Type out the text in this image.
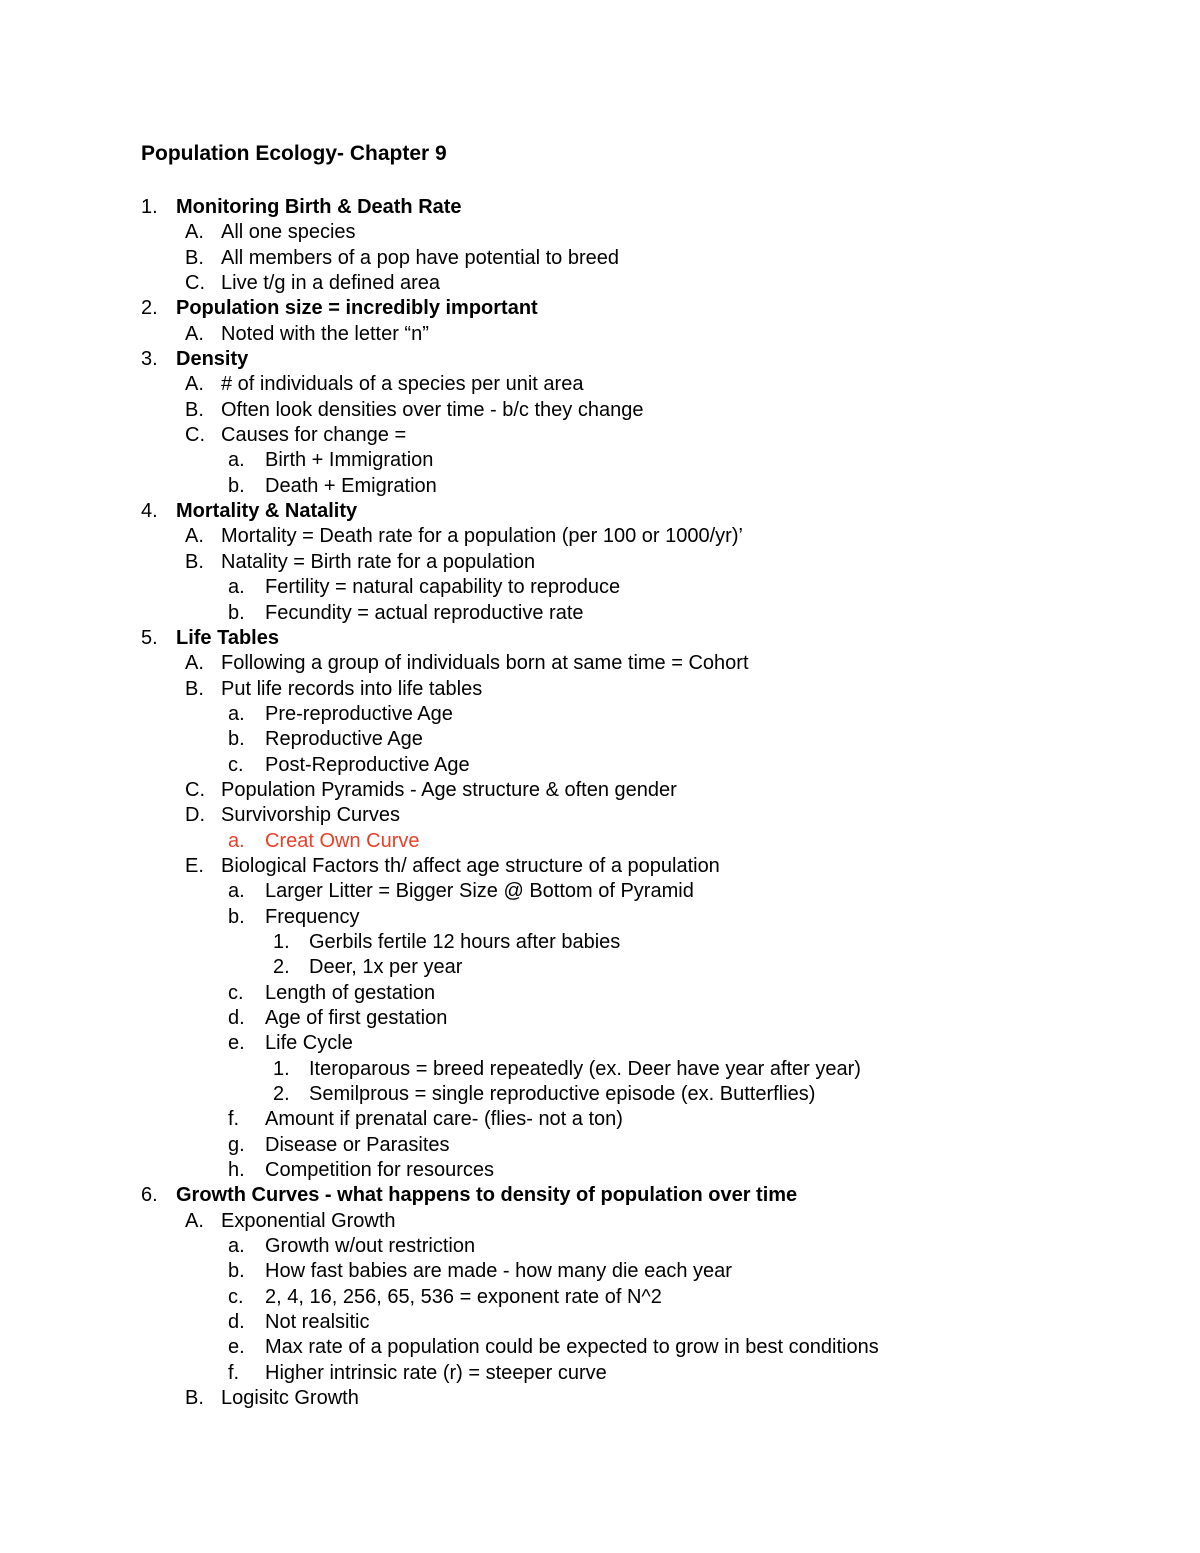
Population Ecology- Chapter 9
1. Monitoring Birth & Death Rate
A. All one species
B. All members of a pop have potential to breed
C. Live t/g in a defined area
2. Population size = incredibly important
A. Noted with the letter “n”
3. Density
A. # of individuals of a species per unit area
B. Often look densities over time - b/c they change
C. Causes for change =
a. Birth + Immigration
b. Death + Emigration
4. Mortality & Natality
A. Mortality = Death rate for a population (per 100 or 1000/yr)’
B. Natality = Birth rate for a population
a. Fertility = natural capability to reproduce
b. Fecundity = actual reproductive rate
5. Life Tables
A. Following a group of individuals born at same time = Cohort
B. Put life records into life tables
a. Pre-reproductive Age
b. Reproductive Age
c. Post-Reproductive Age
C. Population Pyramids - Age structure & often gender
D. Survivorship Curves
a. Creat Own Curve
E. Biological Factors th/ affect age structure of a population
a. Larger Litter = Bigger Size @ Bottom of Pyramid
b. Frequency
1. Gerbils fertile 12 hours after babies
2. Deer, 1x per year
c. Length of gestation
d. Age of first gestation
e. Life Cycle
1. Iteroparous = breed repeatedly (ex. Deer have year after year)
2. Semilprous = single reproductive episode (ex. Butterflies)
f. Amount if prenatal care- (flies- not a ton)
g. Disease or Parasites
h. Competition for resources
6. Growth Curves - what happens to density of population over time
A. Exponential Growth
a. Growth w/out restriction
b. How fast babies are made - how many die each year
c. 2, 4, 16, 256, 65, 536 = exponent rate of N^2
d. Not realsitic
e. Max rate of a population could be expected to grow in best conditions
f. Higher intrinsic rate (r) = steeper curve
B. Logisitc Growth
